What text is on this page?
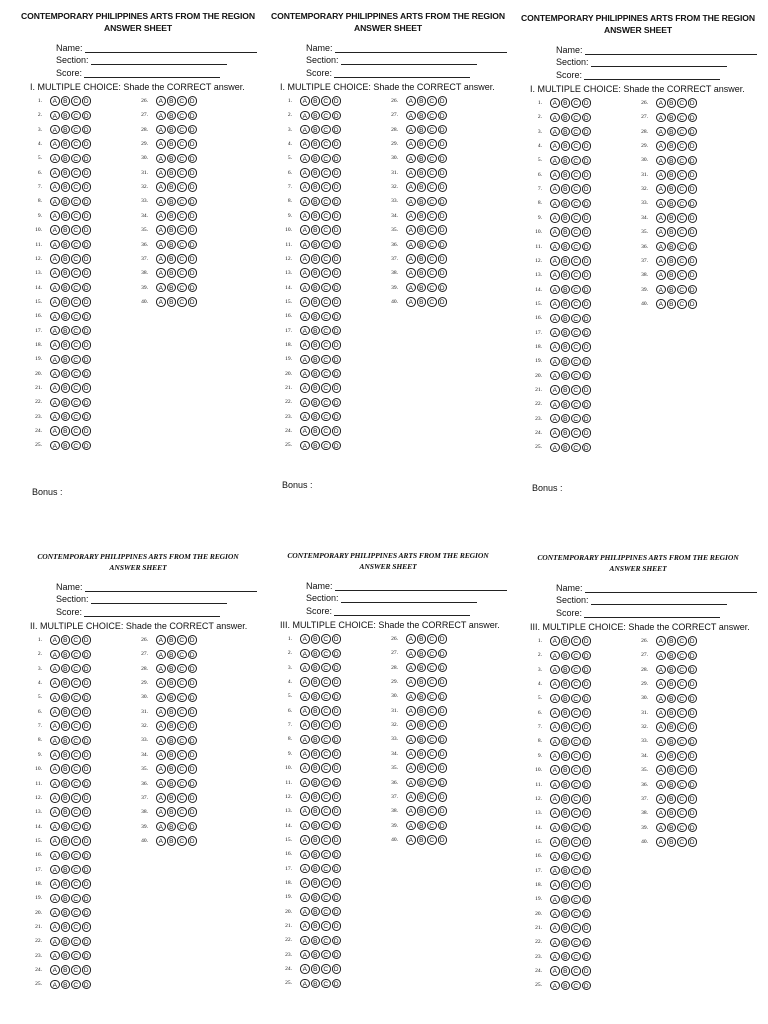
CONTEMPORARY PHILIPPINES ARTS FROM THE REGION
ANSWER SHEET
Name:
Section:
Score:
I. MULTIPLE CHOICE: Shade the CORRECT answer.
1.	A B C D
2.	A B C D
3.	A B C D
4.	A B C D
5.	A B C D
6.	A B C D
7.	A B C D
8.	A B C D
9.	A B C D
10.	A B C D
11.	A B C D
12.	A B C D
13.	A B C D
14.	A B C D
15.	A B C D
16.	A B C D
17.	A B C D
18.	A B C D
19.	A B C D
20.	A B C D
21.	A B C D
22.	A B C D
23.	A B C D
24.	A B C D
25.	A B C D
26.	A B C D
27.	A B C D
28.	A B C D
29.	A B C D
30.	A B C D
31.	A B C D
32.	A B C D
33.	A B C D
34.	A B C D
35.	A B C D
36.	A B C D
37.	A B C D
38.	A B C D
39.	A B C D
40.	A B C D
Bonus :
CONTEMPORARY PHILIPPINES ARTS FROM THE REGION
ANSWER SHEET
Name:
Section:
Score:
I. MULTIPLE CHOICE: Shade the CORRECT answer.
1.	A B C D
2.	A B C D
3.	A B C D
4.	A B C D
5.	A B C D
6.	A B C D
7.	A B C D
8.	A B C D
9.	A B C D
10.	A B C D
11.	A B C D
12.	A B C D
13.	A B C D
14.	A B C D
15.	A B C D
16.	A B C D
17.	A B C D
18.	A B C D
19.	A B C D
20.	A B C D
21.	A B C D
22.	A B C D
23.	A B C D
24.	A B C D
25.	A B C D
26.	A B C D
27.	A B C D
28.	A B C D
29.	A B C D
30.	A B C D
31.	A B C D
32.	A B C D
33.	A B C D
34.	A B C D
35.	A B C D
36.	A B C D
37.	A B C D
38.	A B C D
39.	A B C D
40.	A B C D
Bonus :
CONTEMPORARY PHILIPPINES ARTS FROM THE REGION
ANSWER SHEET
Name:
Section:
Score:
I. MULTIPLE CHOICE: Shade the CORRECT answer.
1.	A B C D
2.	A B C D
3.	A B C D
4.	A B C D
5.	A B C D
6.	A B C D
7.	A B C D
8.	A B C D
9.	A B C D
10.	A B C D
11.	A B C D
12.	A B C D
13.	A B C D
14.	A B C D
15.	A B C D
16.	A B C D
17.	A B C D
18.	A B C D
19.	A B C D
20.	A B C D
21.	A B C D
22.	A B C D
23.	A B C D
24.	A B C D
25.	A B C D
26.	A B C D
27.	A B C D
28.	A B C D
29.	A B C D
30.	A B C D
31.	A B C D
32.	A B C D
33.	A B C D
34.	A B C D
35.	A B C D
36.	A B C D
37.	A B C D
38.	A B C D
39.	A B C D
40.	A B C D
Bonus :
CONTEMPORARY PHILIPPINES ARTS FROM THE REGION
ANSWER SHEET
Name:
Section:
Score:
II. MULTIPLE CHOICE: Shade the CORRECT answer.
1.	A B C D
2.	A B C D
3.	A B C D
4.	A B C D
5.	A B C D
6.	A B C D
7.	A B C D
8.	A B C D
9.	A B C D
10.	A B C D
11.	A B C D
12.	A B C D
13.	A B C D
14.	A B C D
15.	A B C D
16.	A B C D
17.	A B C D
18.	A B C D
19.	A B C D
20.	A B C D
21.	A B C D
22.	A B C D
23.	A B C D
24.	A B C D
25.	A B C D
26.	A B C D
27.	A B C D
28.	A B C D
29.	A B C D
30.	A B C D
31.	A B C D
32.	A B C D
33.	A B C D
34.	A B C D
35.	A B C D
36.	A B C D
37.	A B C D
38.	A B C D
39.	A B C D
40.	A B C D
CONTEMPORARY PHILIPPINES ARTS FROM THE REGION
ANSWER SHEET
Name:
Section:
Score:
III. MULTIPLE CHOICE: Shade the CORRECT answer.
1.	A B C D
2.	A B C D
3.	A B C D
4.	A B C D
5.	A B C D
6.	A B C D
7.	A B C D
8.	A B C D
9.	A B C D
10.	A B C D
11.	A B C D
12.	A B C D
13.	A B C D
14.	A B C D
15.	A B C D
16.	A B C D
17.	A B C D
18.	A B C D
19.	A B C D
20.	A B C D
21.	A B C D
22.	A B C D
23.	A B C D
24.	A B C D
25.	A B C D
26.	A B C D
27.	A B C D
28.	A B C D
29.	A B C D
30.	A B C D
31.	A B C D
32.	A B C D
33.	A B C D
34.	A B C D
35.	A B C D
36.	A B C D
37.	A B C D
38.	A B C D
39.	A B C D
40.	A B C D
CONTEMPORARY PHILIPPINES ARTS FROM THE REGION
ANSWER SHEET
Name:
Section:
Score:
III. MULTIPLE CHOICE: Shade the CORRECT answer.
1.	A B C D
2.	A B C D
3.	A B C D
4.	A B C D
5.	A B C D
6.	A B C D
7.	A B C D
8.	A B C D
9.	A B C D
10.	A B C D
11.	A B C D
12.	A B C D
13.	A B C D
14.	A B C D
15.	A B C D
16.	A B C D
17.	A B C D
18.	A B C D
19.	A B C D
20.	A B C D
21.	A B C D
22.	A B C D
23.	A B C D
24.	A B C D
25.	A B C D
26.	A B C D
27.	A B C D
28.	A B C D
29.	A B C D
30.	A B C D
31.	A B C D
32.	A B C D
33.	A B C D
34.	A B C D
35.	A B C D
36.	A B C D
37.	A B C D
38.	A B C D
39.	A B C D
40.	A B C D
